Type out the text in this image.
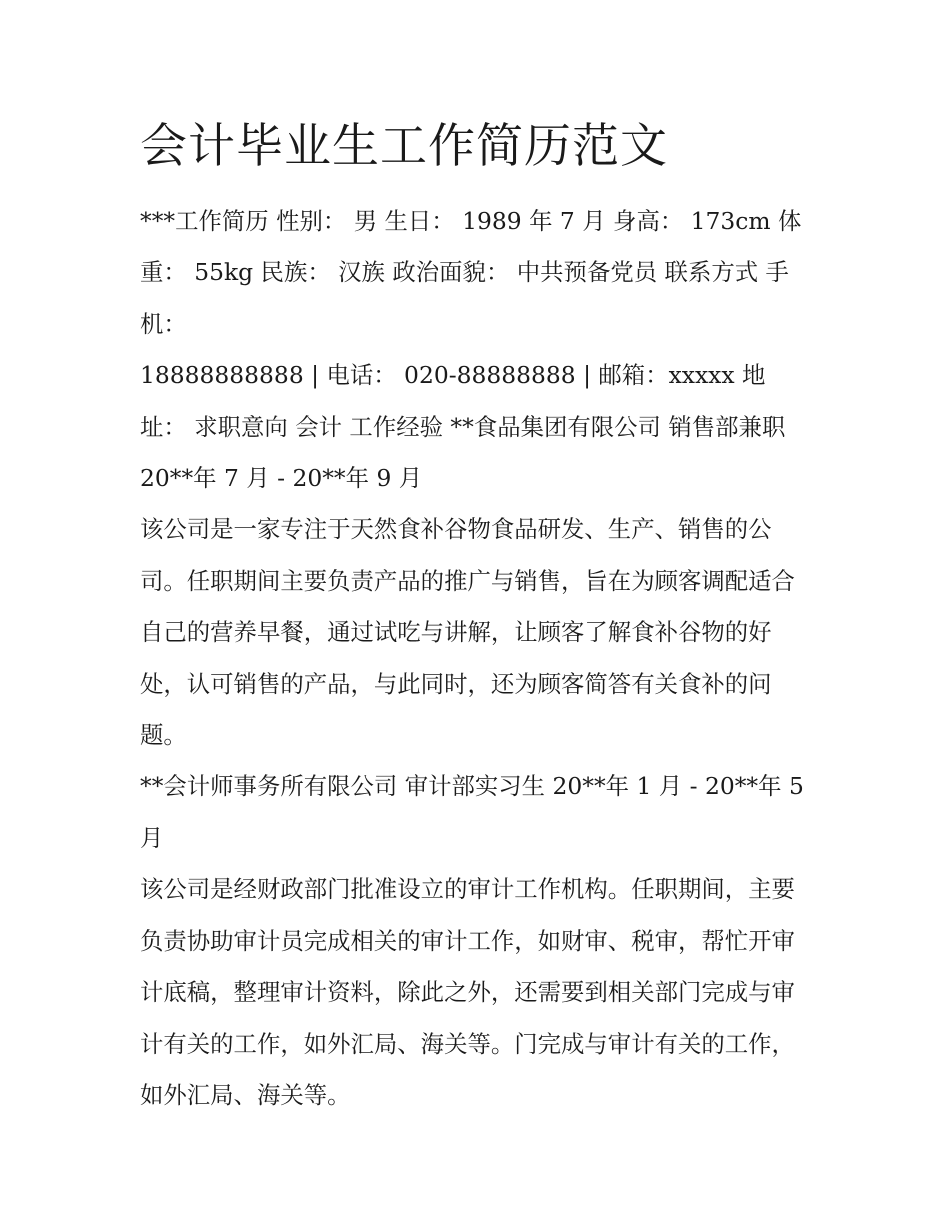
会计毕业生工作简历范文

***工作简历 性别： 男 生日： 1989 年 7 月 身高： 173cm 体重： 55kg 民族： 汉族 政治面貌： 中共预备党员 联系方式 手机：

18888888888 | 电话： 020-88888888 | 邮箱：xxxxx 地址： 求职意向 会计 工作经验 **食品集团有限公司 销售部兼职

20**年 7 月 - 20**年 9 月

该公司是一家专注于天然食补谷物食品研发、生产、销售的公司。任职期间主要负责产品的推广与销售，旨在为顾客调配适合自己的营养早餐，通过试吃与讲解，让顾客了解食补谷物的好处，认可销售的产品，与此同时，还为顾客简答有关食补的问题。

**会计师事务所有限公司 审计部实习生 20**年 1 月 - 20**年 5 月

该公司是经财政部门批准设立的审计工作机构。任职期间，主要负责协助审计员完成相关的审计工作，如财审、税审，帮忙开审计底稿，整理审计资料，除此之外，还需要到相关部门完成与审计有关的工作，如外汇局、海关等。门完成与审计有关的工作，如外汇局、海关等。
